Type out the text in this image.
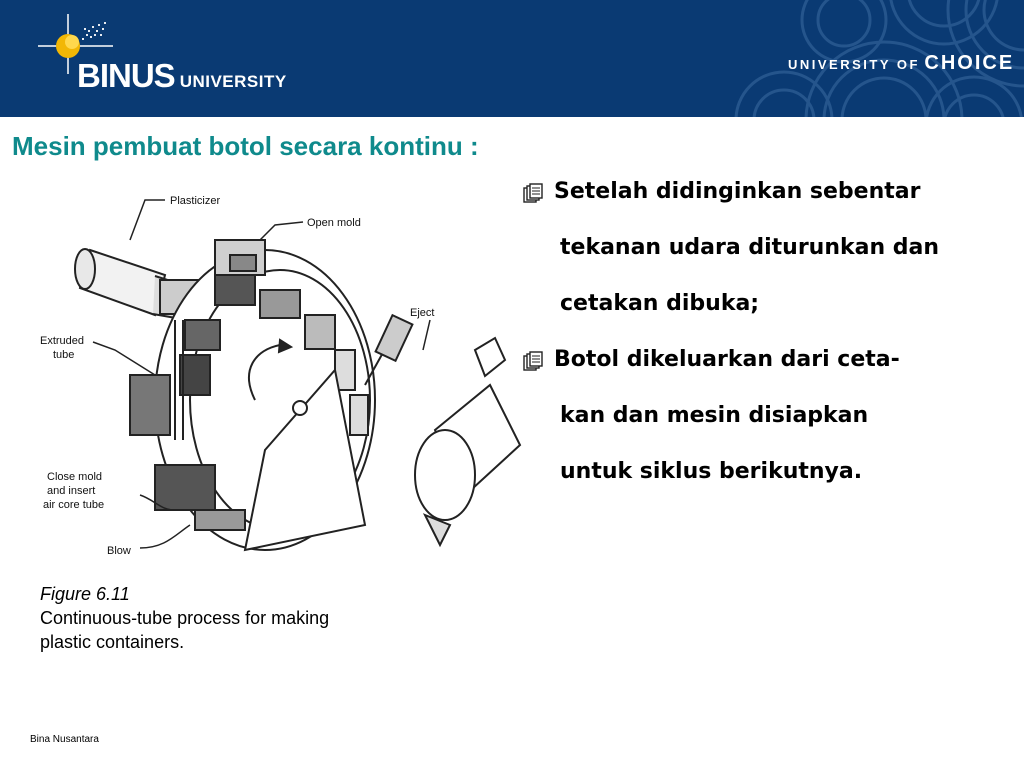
BINUS UNIVERSITY
UNIVERSITY OF CHOICE
Mesin pembuat botol secara kontinu :
Plasticizer
Open mold
Eject
Extruded
tube
Close mold
and insert
air core tube
Blow
Figure 6.11
Continuous-tube process for making
plastic containers.
Setelah didinginkan sebentar
tekanan udara diturunkan dan
cetakan dibuka;
Botol dikeluarkan dari ceta-
kan dan mesin disiapkan
untuk siklus berikutnya.
Bina Nusantara
